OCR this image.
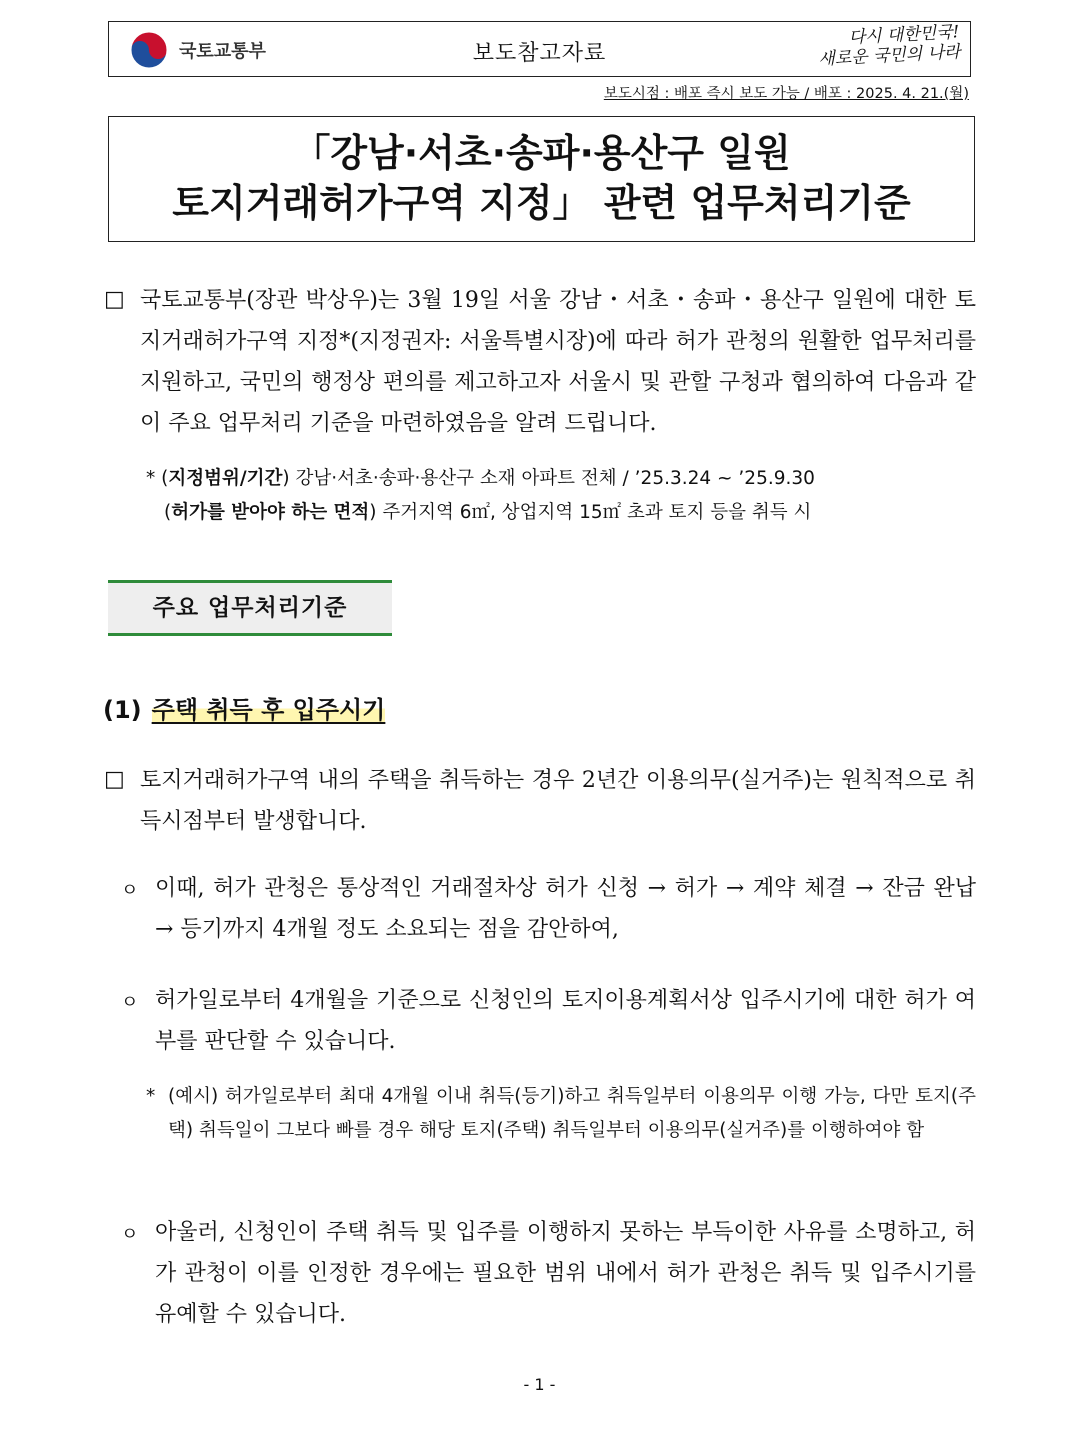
국토교통부	보도참고자료
다시 대한민국!
새로운 국민의 나라
보도시점 : 배포 즉시 보도 가능 / 배포 : 2025. 4. 21.(월)
「강남·서초·송파·용산구 일원
토지거래허가구역 지정」 관련 업무처리기준
□ 국토교통부(장관 박상우)는 3월 19일 서울 강남・서초・송파・용산구 일원에 대한 토지거래허가구역 지정*(지정권자: 서울특별시장)에 따라 허가 관청의 원활한 업무처리를 지원하고, 국민의 행정상 편의를 제고하고자 서울시 및 관할 구청과 협의하여 다음과 같이 주요 업무처리 기준을 마련하였음을 알려 드립니다.
* (지정범위/기간) 강남·서초·송파·용산구 소재 아파트 전체 / ’25.3.24 ~ ’25.9.30
(허가를 받아야 하는 면적) 주거지역 6㎡, 상업지역 15㎡ 초과 토지 등을 취득 시
주요 업무처리기준
(1) 주택 취득 후 입주시기
□ 토지거래허가구역 내의 주택을 취득하는 경우 2년간 이용의무(실거주)는 원칙적으로 취득시점부터 발생합니다.
ㅇ 이때, 허가 관청은 통상적인 거래절차상 허가 신청 → 허가 → 계약 체결 → 잔금 완납 → 등기까지 4개월 정도 소요되는 점을 감안하여,
ㅇ 허가일로부터 4개월을 기준으로 신청인의 토지이용계획서상 입주시기에 대한 허가 여부를 판단할 수 있습니다.
* (예시) 허가일로부터 최대 4개월 이내 취득(등기)하고 취득일부터 이용의무 이행 가능, 다만 토지(주택) 취득일이 그보다 빠를 경우 해당 토지(주택) 취득일부터 이용의무(실거주)를 이행하여야 함
ㅇ 아울러, 신청인이 주택 취득 및 입주를 이행하지 못하는 부득이한 사유를 소명하고, 허가 관청이 이를 인정한 경우에는 필요한 범위 내에서 허가 관청은 취득 및 입주시기를 유예할 수 있습니다.
- 1 -
